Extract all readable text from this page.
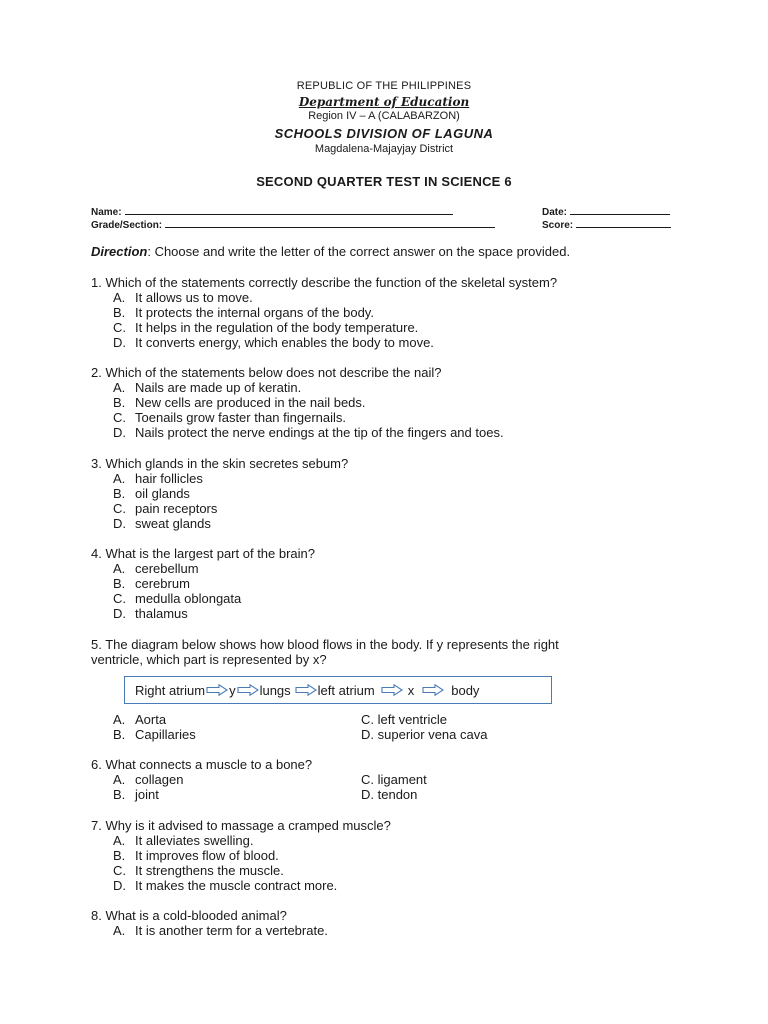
REPUBLIC OF THE PHILIPPINES
Department of Education
Region IV – A (CALABARZON)
SCHOOLS DIVISION OF LAGUNA
Magdalena-Majayjay District
SECOND QUARTER TEST IN SCIENCE 6
Name:
Grade/Section:
Date:
Score:
Direction: Choose and write the letter of the correct answer on the space provided.
1. Which of the statements correctly describe the function of the skeletal system?
A. It allows us to move.
B. It protects the internal organs of the body.
C. It helps in the regulation of the body temperature.
D. It converts energy, which enables the body to move.
2. Which of the statements below does not describe the nail?
A. Nails are made up of keratin.
B. New cells are produced in the nail beds.
C. Toenails grow faster than fingernails.
D. Nails protect the nerve endings at the tip of the fingers and toes.
3. Which glands in the skin secretes sebum?
A. hair follicles
B. oil glands
C. pain receptors
D. sweat glands
4. What is the largest part of the brain?
A. cerebellum
B. cerebrum
C. medulla oblongata
D. thalamus
5. The diagram below shows how blood flows in the body. If y represents the right
ventricle, which part is represented by x?
Right atrium y lungs left atrium	x	body
A. Aorta
B. Capillaries
C. left ventricle
D. superior vena cava
6. What connects a muscle to a bone?
A. collagen
B. joint
C. ligament
D. tendon
7. Why is it advised to massage a cramped muscle?
A. It alleviates swelling.
B. It improves flow of blood.
C. It strengthens the muscle.
D. It makes the muscle contract more.
8. What is a cold-blooded animal?
A. It is another term for a vertebrate.
